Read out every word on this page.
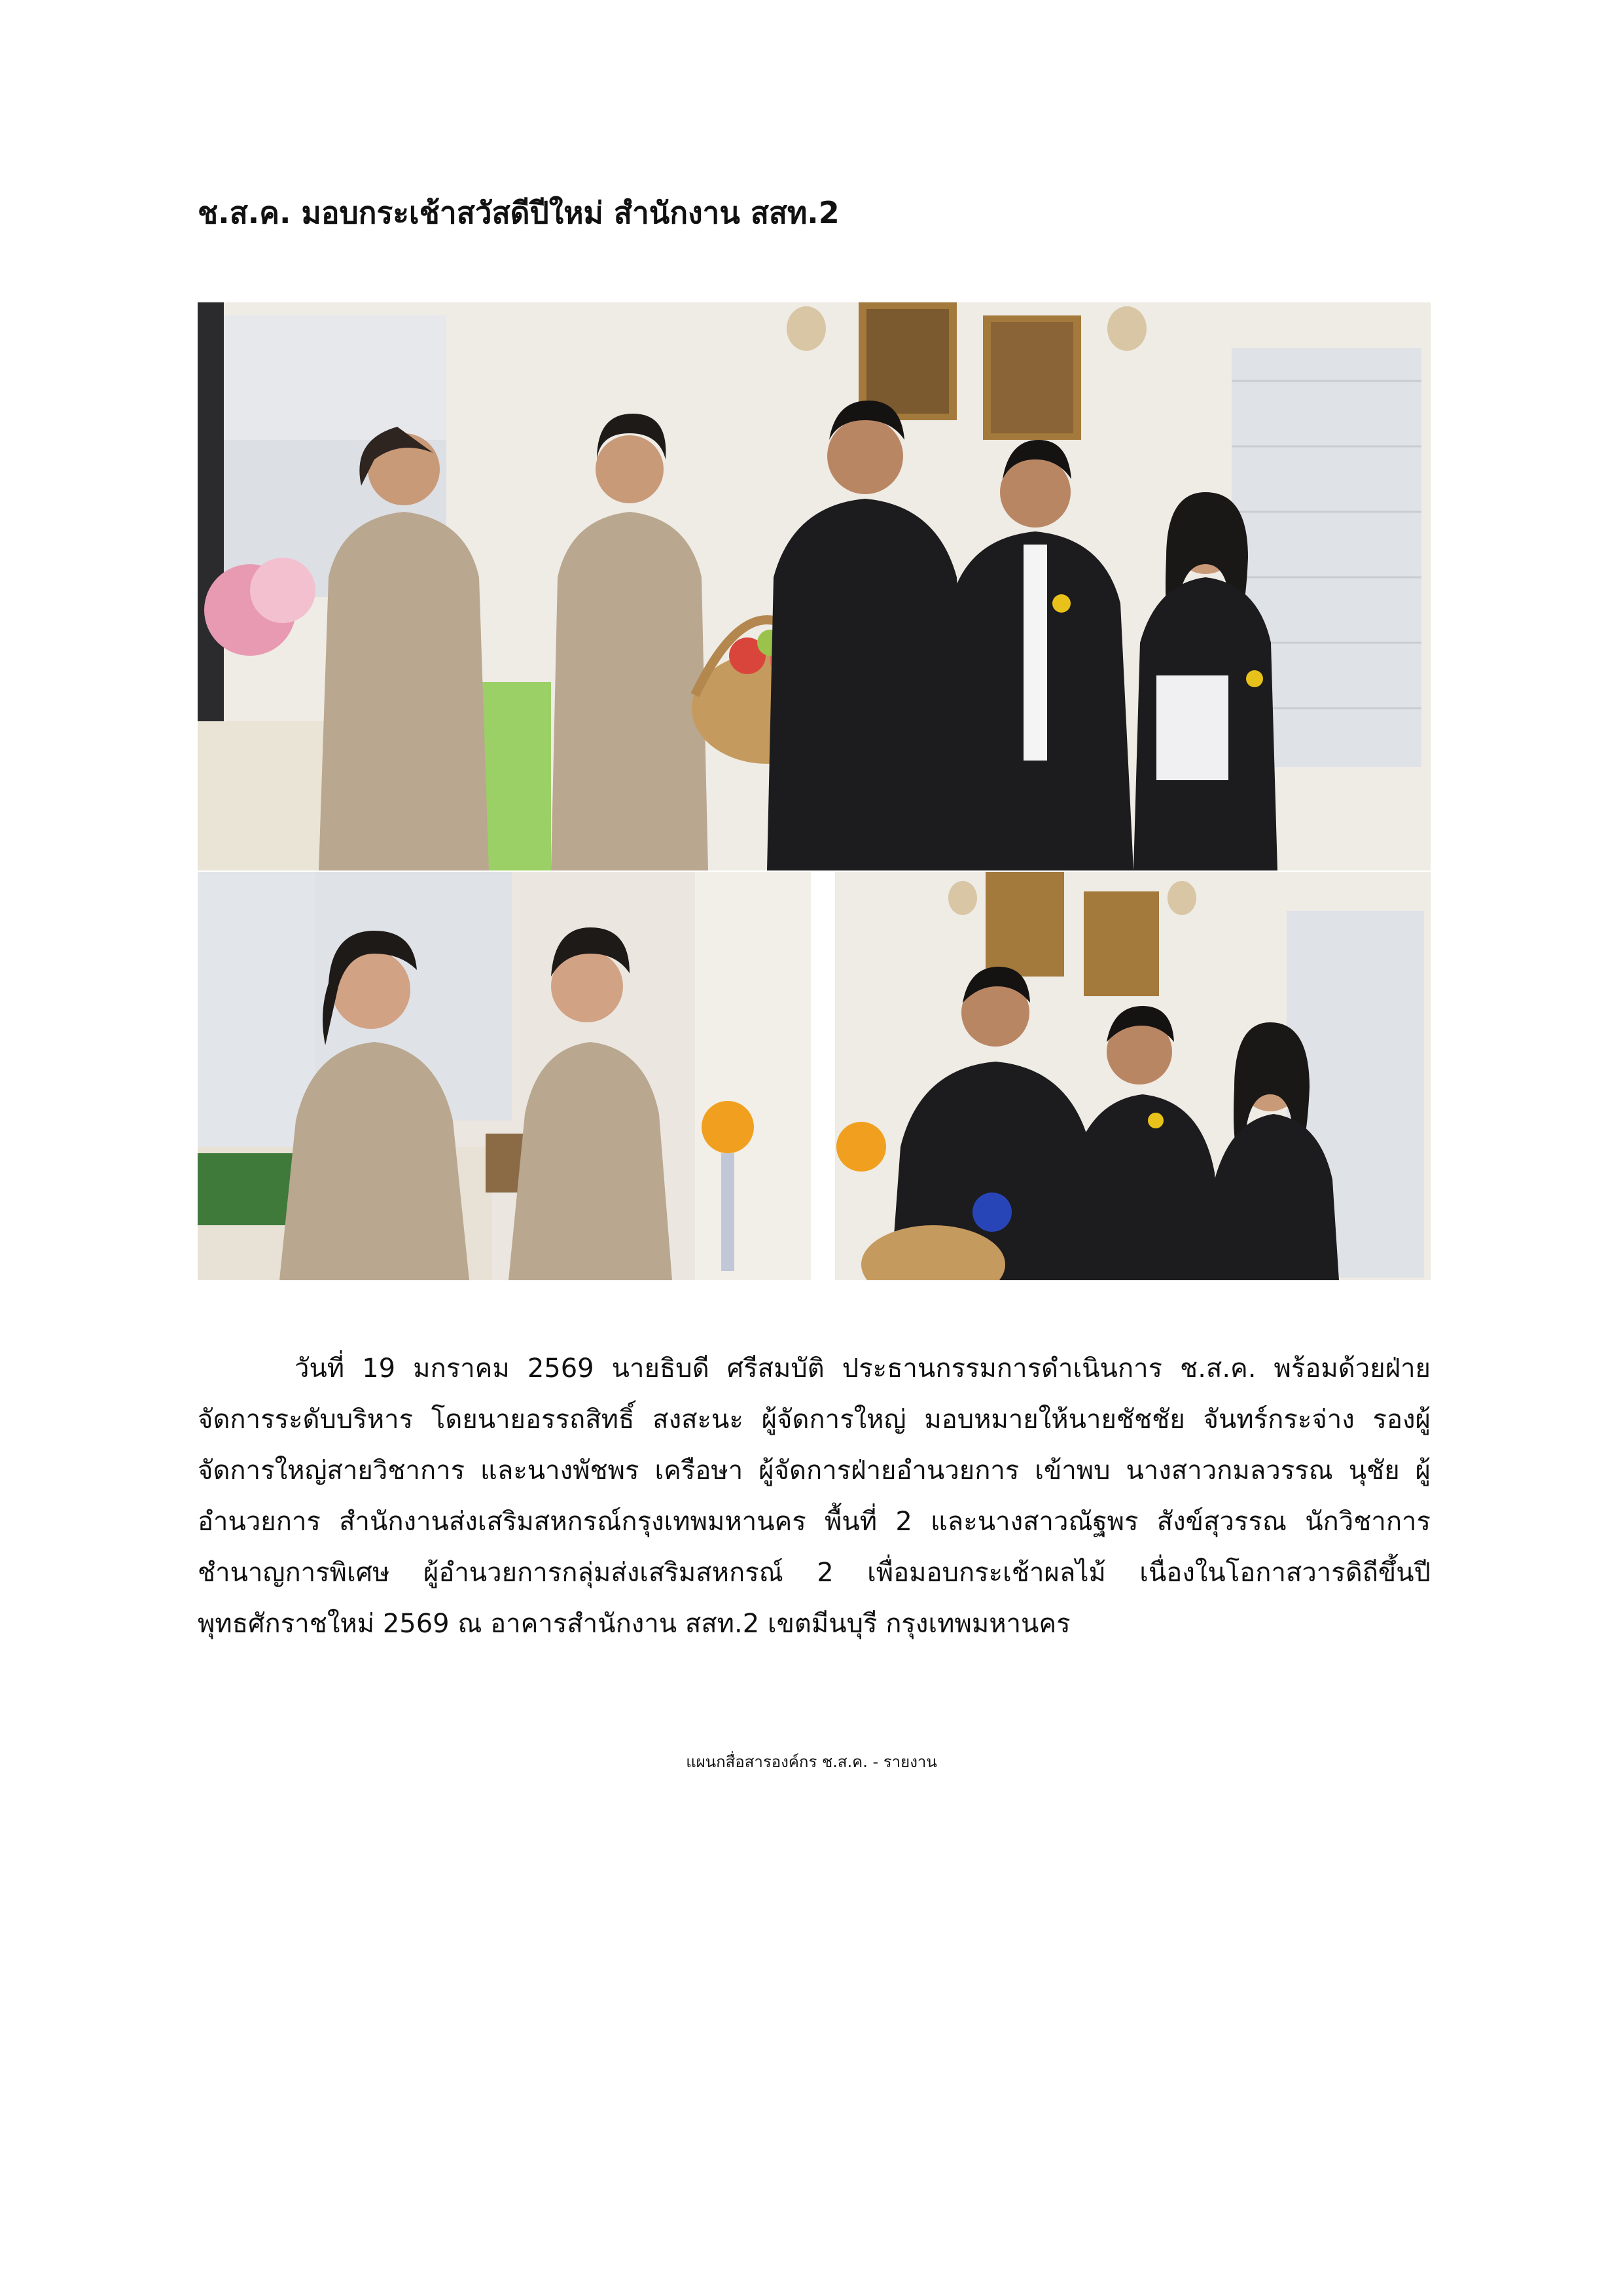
ช.ส.ค. มอบกระเช้าสวัสดีปีใหม่ สำนักงาน สสท.2
วันที่ 19 มกราคม 2569 นายธิบดี ศรีสมบัติ ประธานกรรมการดำเนินการ ช.ส.ค. พร้อมด้วยฝ่ายจัดการระดับบริหาร โดยนายอรรถสิทธิ์ สงสะนะ ผู้จัดการใหญ่ มอบหมายให้นายชัชชัย จันทร์กระจ่าง รองผู้จัดการใหญ่สายวิชาการ และนางพัชพร เครือษา ผู้จัดการฝ่ายอำนวยการ เข้าพบ นางสาวกมลวรรณ นุชัย ผู้อำนวยการ สำนักงานส่งเสริมสหกรณ์กรุงเทพมหานคร พื้นที่ 2 และนางสาวณัฐพร สังข์สุวรรณ นักวิชาการชำนาญการพิเศษ ผู้อำนวยการกลุ่มส่งเสริมสหกรณ์ 2 เพื่อมอบกระเช้าผลไม้ เนื่องในโอกาสวารดิถีขึ้นปีพุทธศักราชใหม่ 2569 ณ อาคารสำนักงาน สสท.2 เขตมีนบุรี กรุงเทพมหานคร
แผนกสื่อสารองค์กร ช.ส.ค. - รายงาน
